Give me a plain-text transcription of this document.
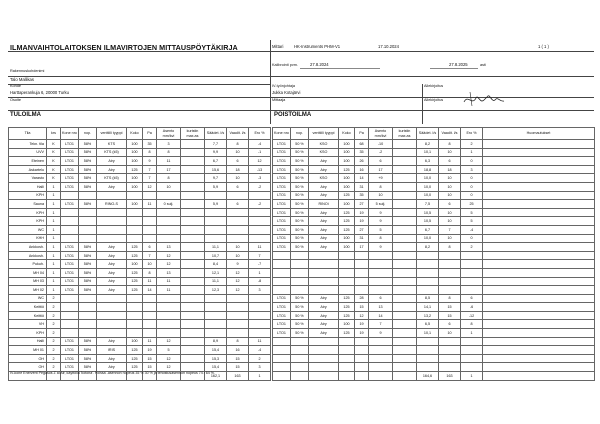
ILMANVAIHTOLAITOKSEN ILMAVIRTOJEN MITTAUSPÖYTÄKIRJA	Mittari	HK-Instruments PHM-V1	17.10.2024	1 ( 1 )
Kalibrointi pvm.	27.8.2024	27.8.2025	asti
Rakennuskohdenimi
Talo Mallikas
Kohde
Harttaperankuja 6, 20000 Turku
IV-työnjohtaja
Jukka Kotajärvi
Allekirjoitus
Osoite	Mittaaja	Allekirjoitus
TULOILMA	POISTOILMA
Tila	krs	Kone nro	nop.	venttiili tyyppi	Koko	Pa	Asento mm/kvi	kuristin max.as	Säädet. l/s	Vaadit. l/s	Ero %
Tekn. tila	K	LTO1	58%	KTS	100	35	3		7,7	8	-4
UVV	K	LTO1	58%	KTS (k5)	100	8	8		9,9	10	-1
Eteinen	K	LTO1	58%	Airy	100	9	11		6,7	6	12
Askartelu	K	LTO1	58%	Airy	125	7	17		15,6	18	-13
Varasto	K	LTO1	58%	KTS (k5)	100	7	8		9,7	10	-3
Halli	1	LTO1	58%	Airy	100	12	10		5,9	6	-2
KPH	1										
Sauna	1	LTO1	58%	RINO-S	100	11	0 sulj.		5,9	6	-2
KPH	1										
KPH	1										
WC	1										
KHH	1										
Ankkosh.	1	LTO1	58%	Airy	125	6	13		11,1	10	11
Ankkosh.	1	LTO1	58%	Airy	125	7	12		10,7	10	7
Pukuh.	1	LTO1	58%	Airy	100	10	12		8,4	9	-7
MH 04	1	LTO1	58%	Airy	125	8	13		12,1	12	1
MH 03	1	LTO1	58%	Airy	125	11	11		11,1	12	-8
MH 02	1	LTO1	58%	Airy	125	14	11		12,3	12	3
WC	2										
Keittiö	2										
Keittiö	2										
VH	2										
KPH	2										
Halli	2	LTO1	58%	Airy	100	11	12		8,9	8	11
MH 01	2	LTO1	58%	IRIS	125	19	5		15,4	16	-4
OH	2	LTO1	58%	Airy	125	15	12		15,3	15	2
OH	2	LTO1	58%	Airy	125	15	12		15,4	15	3
									162,1	163	1
Kone nro	nop.	venttiili tyyppi	Koko	Pa	Asento mm/kvi	kuristin max.as	Säädet. l/s	Vaadit. l/s	Ero %	Huomautukset
LTO1	50 %	KSO	100	68	-10		8,2	8	2	
LTO1	50 %	KSO	100	35	-2		10,1	10	1	
LTO1	50 %	Airy	100	26	6		6,3	6	0	
LTO1	50 %	Airy	125	16	17		18,8	18	3	
LTO1	50 %	KSO	100	14	+9		10,0	10	0	
LTO1	50 %	Airy	100	31	8		10,0	10	0	
LTO1	50 %	Airy	125	35	10		10,0	10	0	
LTO1	50 %	RINOi	100	27	5 sulj.		7,5	6	25	
LTO1	50 %	Airy	125	19	9		10,5	10	5	
LTO1	50 %	Airy	125	19	9		10,5	10	5	
LTO1	50 %	Airy	125	27	5		6,7	7	-4	
LTO1	50 %	Airy	100	31	8		10,0	10	0	
LTO1	50 %	Airy	100	17	9		8,2	8	2	

LTO1	50 %	Airy	125	28	6		8,5	8	6	
LTO1	50 %	Airy	125	15	13		14,1	15	-6	
LTO1	50 %	Airy	125	12	14		13,2	15	-12	
LTO1	50 %	Airy	100	19	7		6,5	6	8	
LTO1	50 %	Airy	125	19	9		10,1	10	1	

							164,6	163	1	
IV-kone Enervent Pegasos Z ai Air, käyttöllä 'kotona'. Poissa -asennon nopeus 35 % 30 % ja tehostusasennon nopeus 74 / 64 %.
